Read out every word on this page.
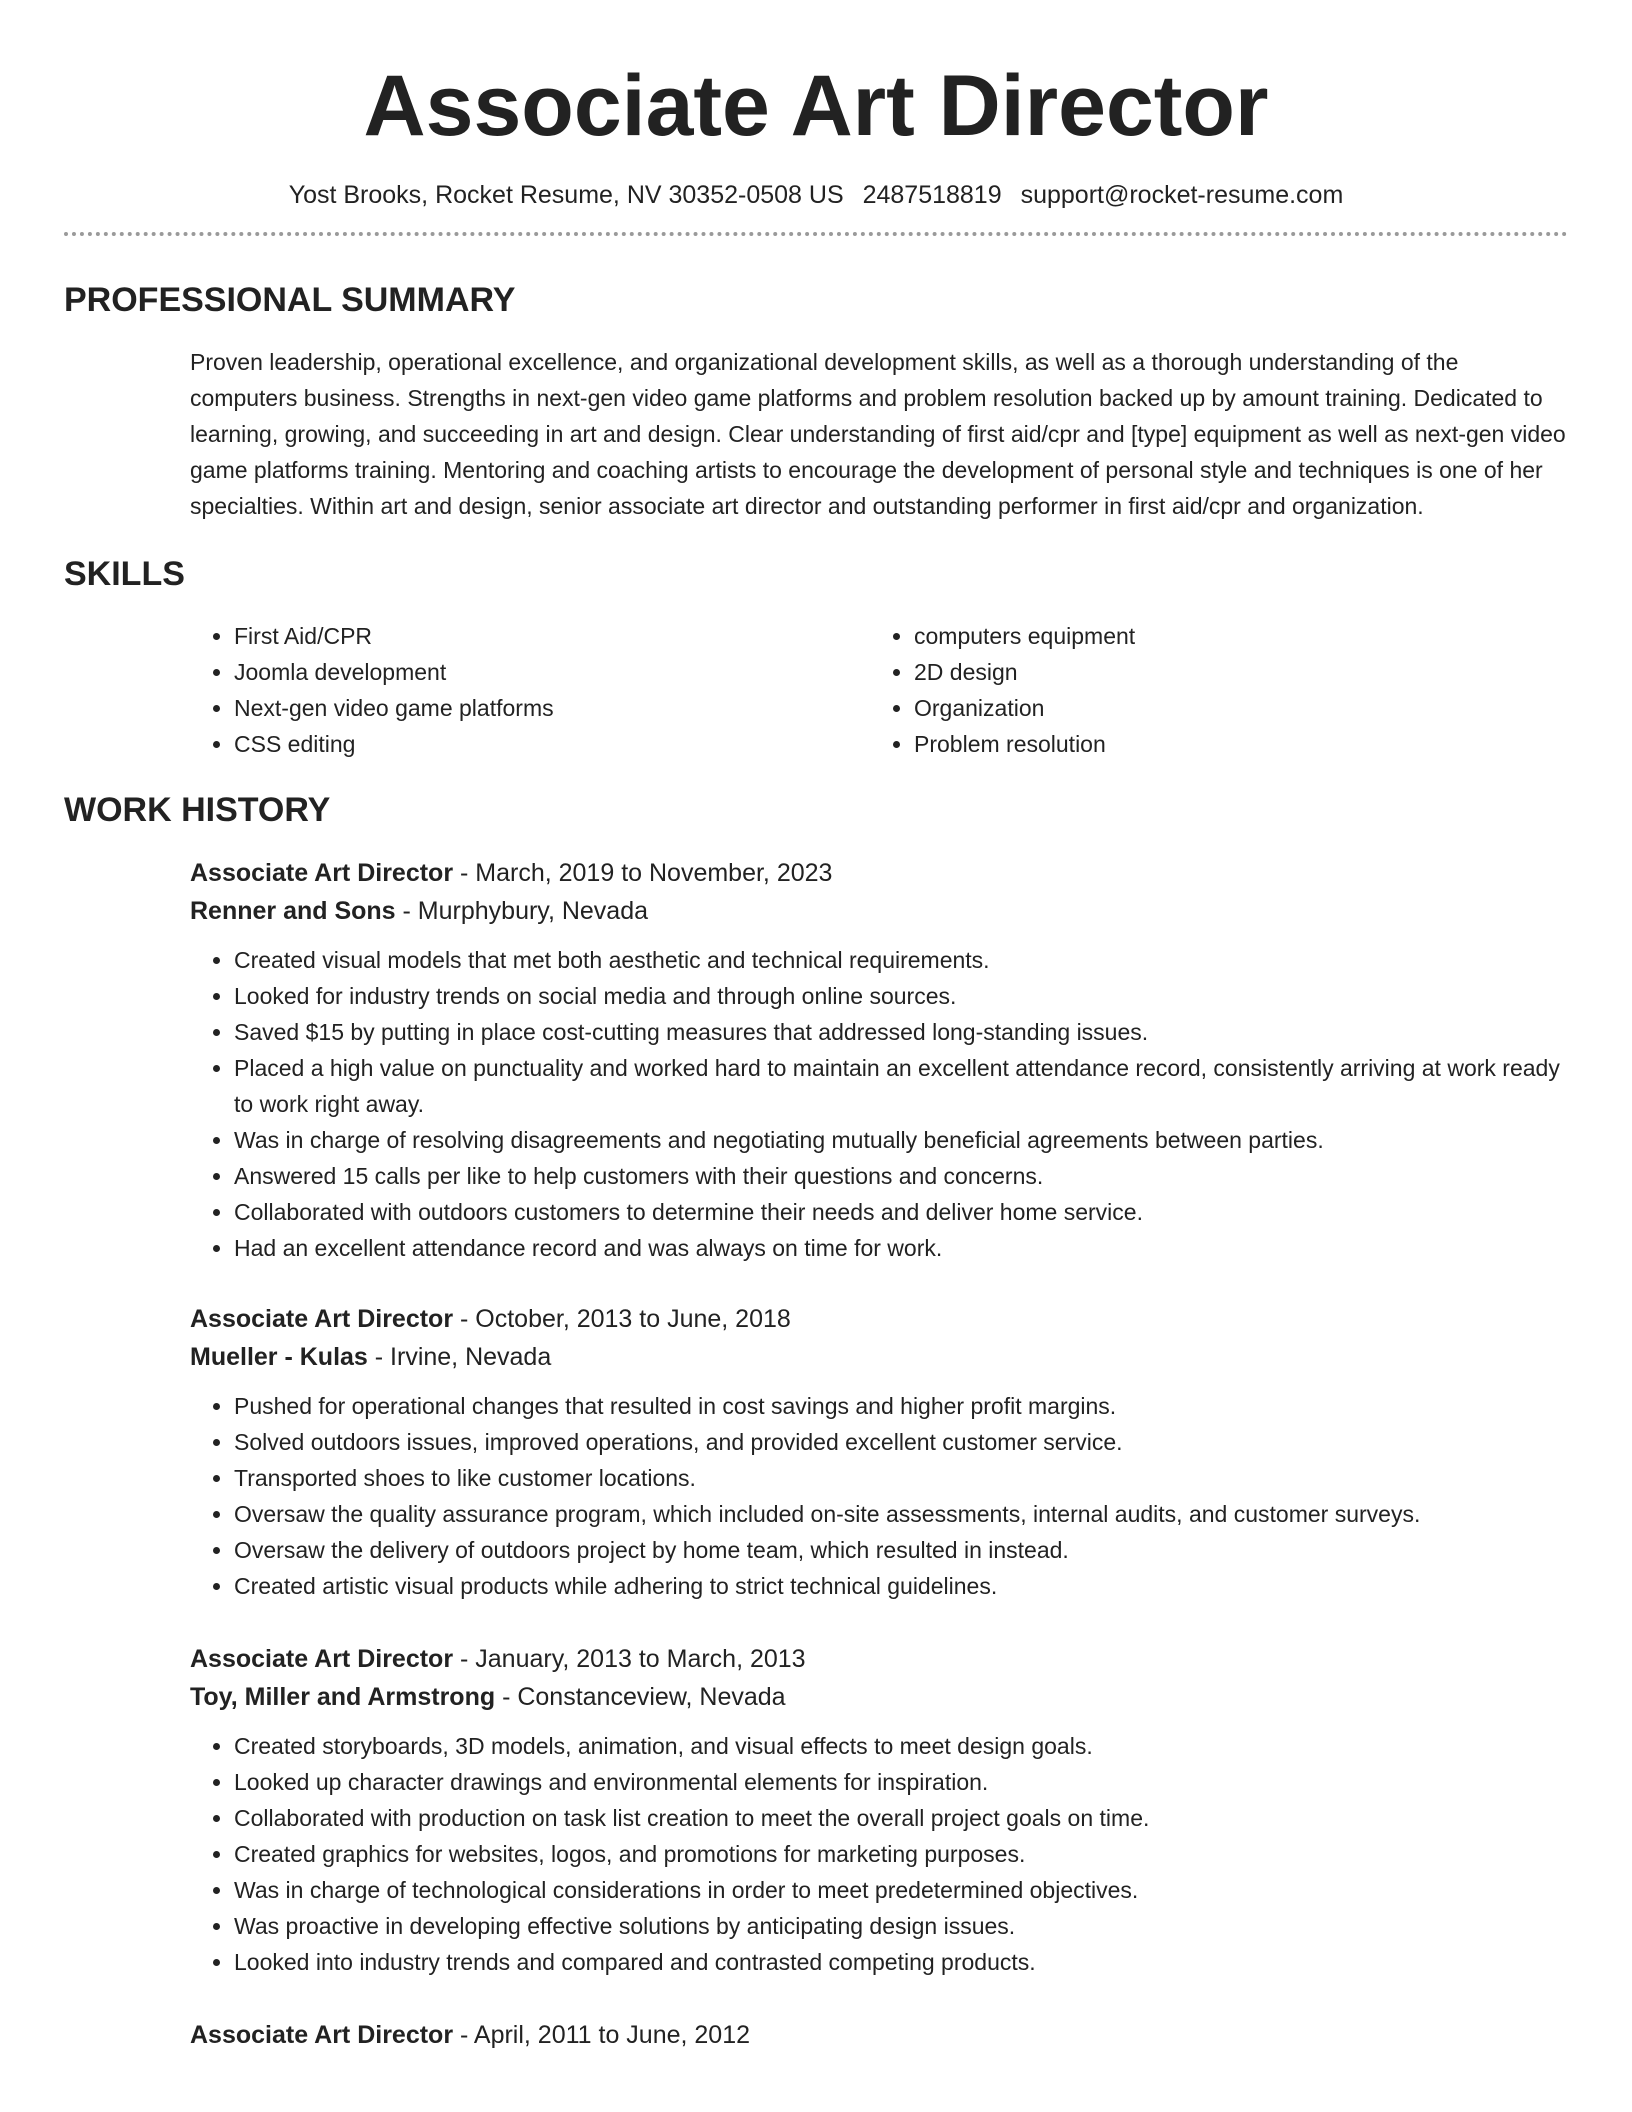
Associate Art Director
Yost Brooks, Rocket Resume, NV 30352-0508 US 2487518819 support@rocket-resume.com
PROFESSIONAL SUMMARY
Proven leadership, operational excellence, and organizational development skills, as well as a thorough understanding of the computers business. Strengths in next-gen video game platforms and problem resolution backed up by amount training. Dedicated to learning, growing, and succeeding in art and design. Clear understanding of first aid/cpr and [type] equipment as well as next-gen video game platforms training. Mentoring and coaching artists to encourage the development of personal style and techniques is one of her specialties. Within art and design, senior associate art director and outstanding performer in first aid/cpr and organization.
SKILLS
• First Aid/CPR
• Joomla development
• Next-gen video game platforms
• CSS editing
• computers equipment
• 2D design
• Organization
• Problem resolution
WORK HISTORY
Associate Art Director - March, 2019 to November, 2023
Renner and Sons - Murphybury, Nevada
• Created visual models that met both aesthetic and technical requirements.
• Looked for industry trends on social media and through online sources.
• Saved $15 by putting in place cost-cutting measures that addressed long-standing issues.
• Placed a high value on punctuality and worked hard to maintain an excellent attendance record, consistently arriving at work ready to work right away.
• Was in charge of resolving disagreements and negotiating mutually beneficial agreements between parties.
• Answered 15 calls per like to help customers with their questions and concerns.
• Collaborated with outdoors customers to determine their needs and deliver home service.
• Had an excellent attendance record and was always on time for work.
Associate Art Director - October, 2013 to June, 2018
Mueller - Kulas - Irvine, Nevada
• Pushed for operational changes that resulted in cost savings and higher profit margins.
• Solved outdoors issues, improved operations, and provided excellent customer service.
• Transported shoes to like customer locations.
• Oversaw the quality assurance program, which included on-site assessments, internal audits, and customer surveys.
• Oversaw the delivery of outdoors project by home team, which resulted in instead.
• Created artistic visual products while adhering to strict technical guidelines.
Associate Art Director - January, 2013 to March, 2013
Toy, Miller and Armstrong - Constanceview, Nevada
• Created storyboards, 3D models, animation, and visual effects to meet design goals.
• Looked up character drawings and environmental elements for inspiration.
• Collaborated with production on task list creation to meet the overall project goals on time.
• Created graphics for websites, logos, and promotions for marketing purposes.
• Was in charge of technological considerations in order to meet predetermined objectives.
• Was proactive in developing effective solutions by anticipating design issues.
• Looked into industry trends and compared and contrasted competing products.
Associate Art Director - April, 2011 to June, 2012
